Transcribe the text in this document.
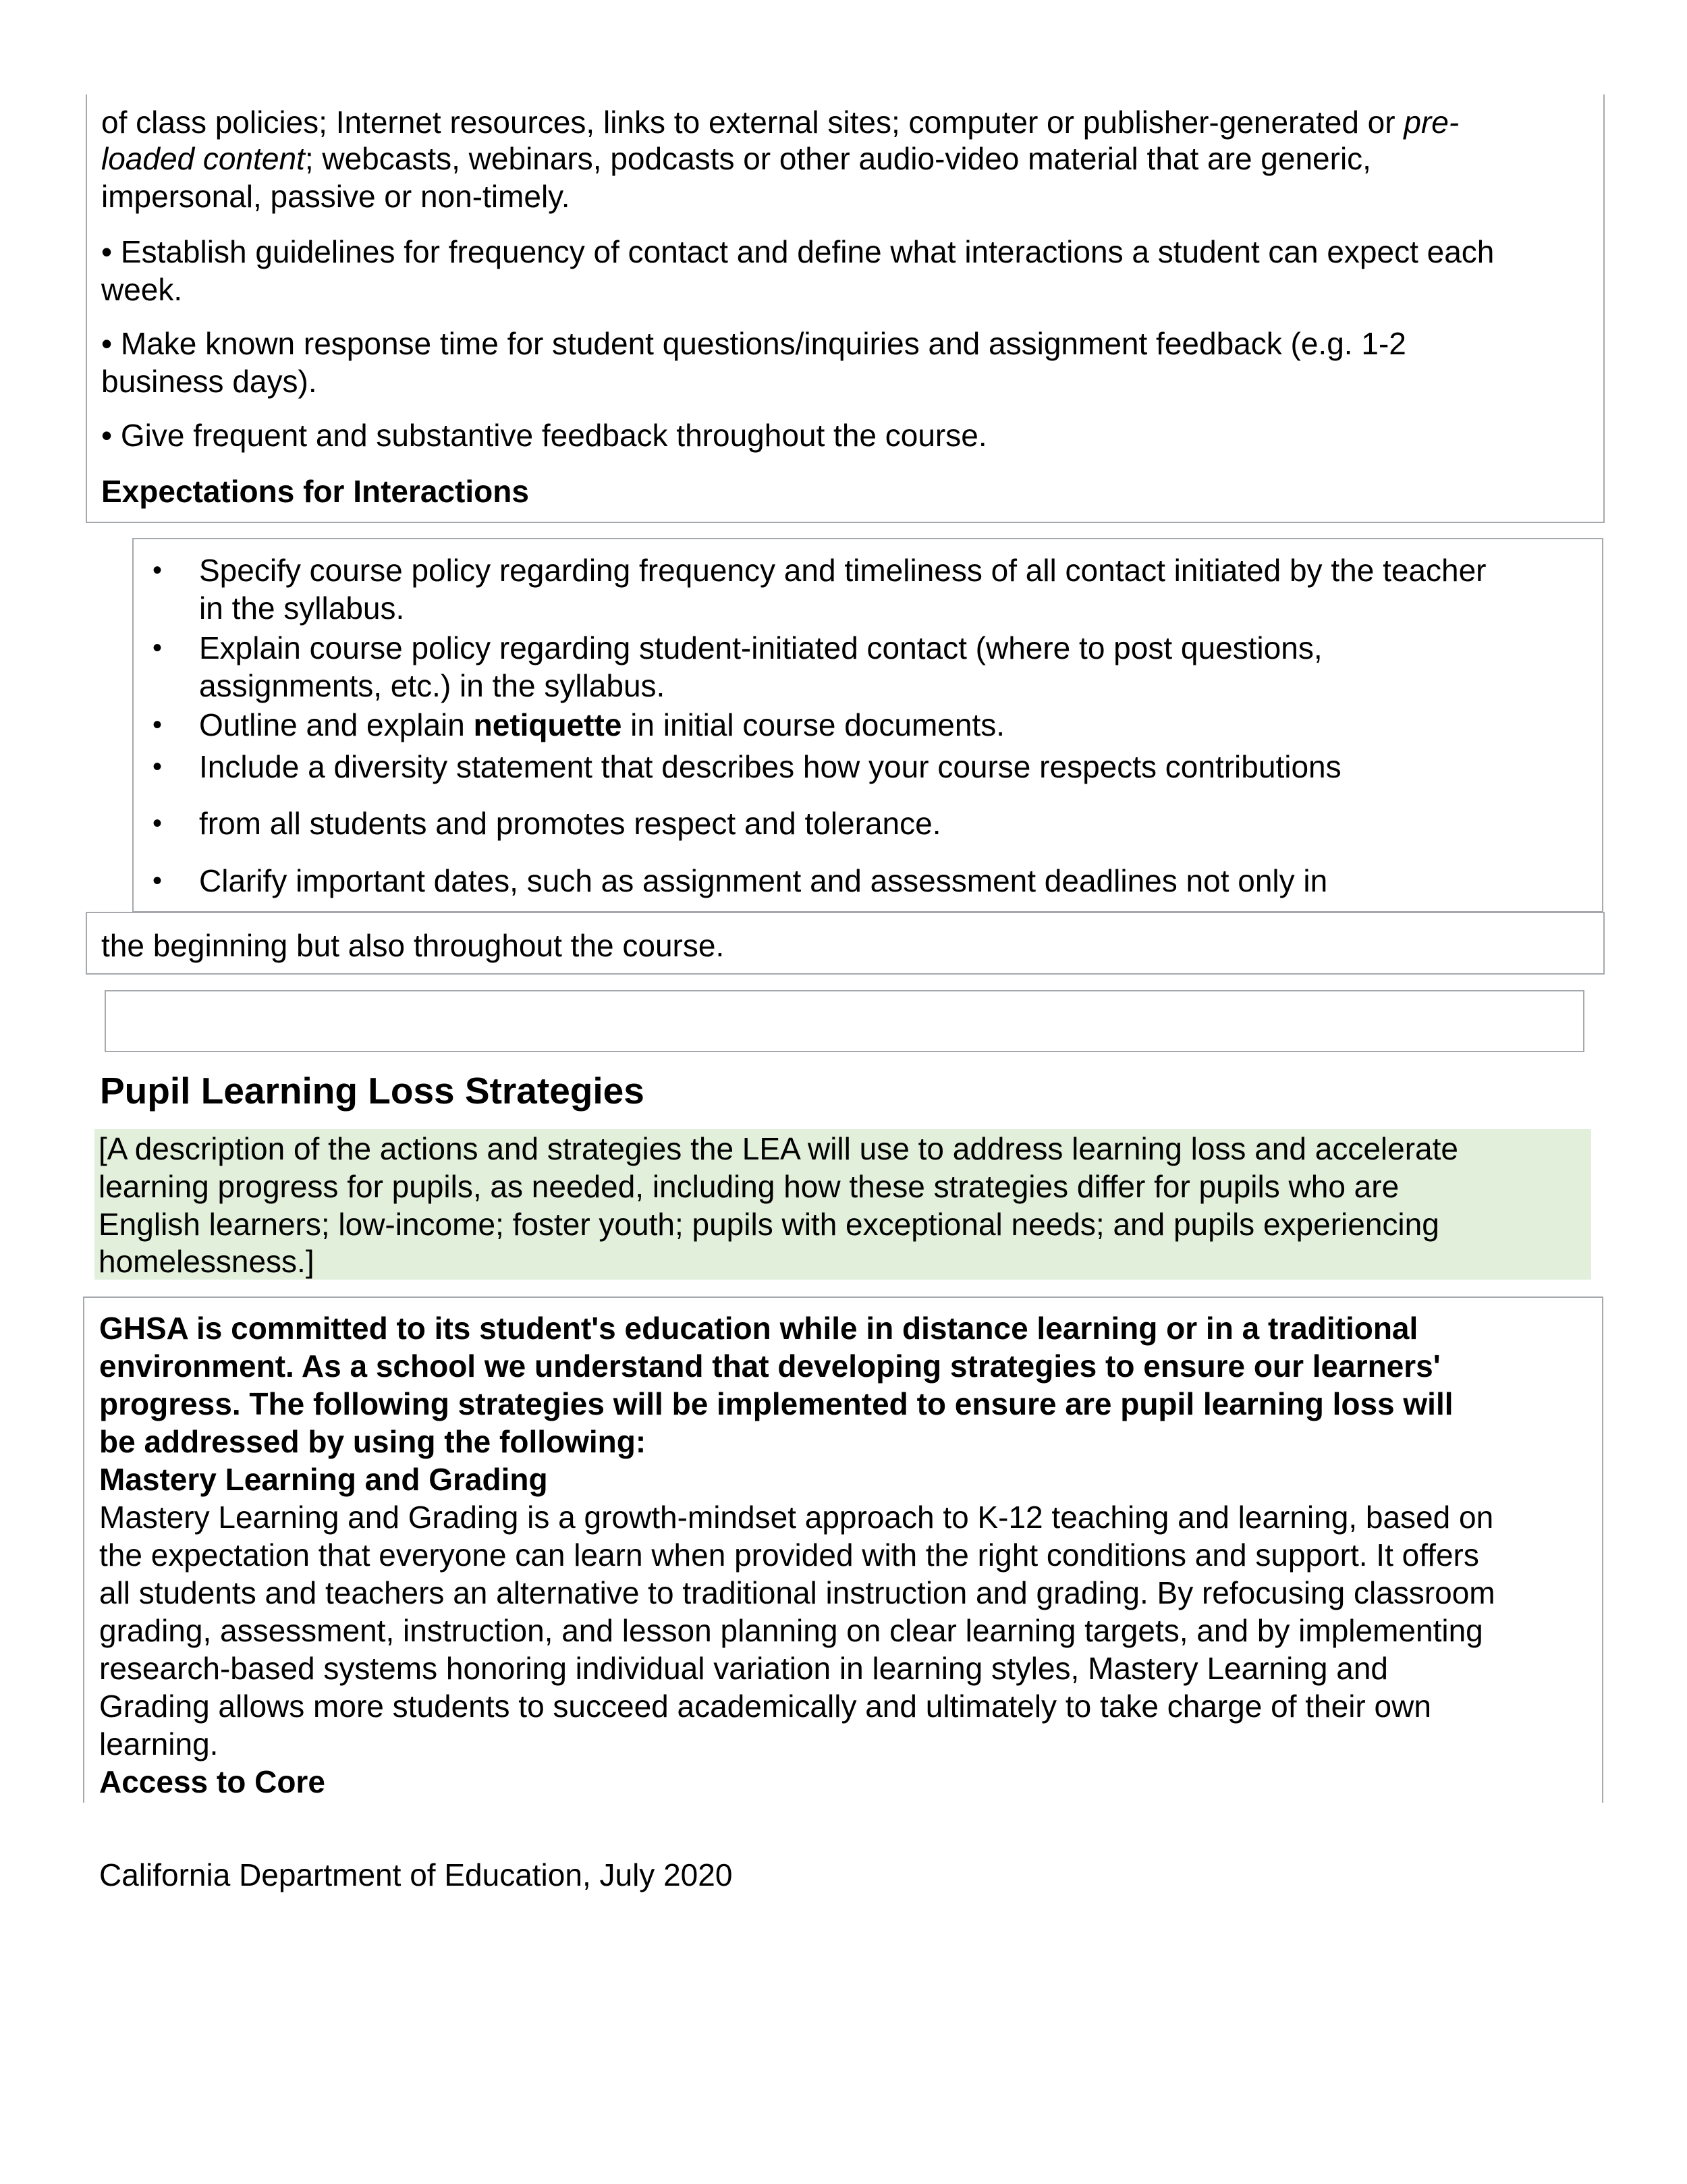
of class policies; Internet resources, links to external sites; computer or publisher-generated or pre-
loaded content; webcasts, webinars, podcasts or other audio-video material that are generic,
impersonal, passive or non-timely.
• Establish guidelines for frequency of contact and define what interactions a student can expect each
week.
• Make known response time for student questions/inquiries and assignment feedback (e.g. 1-2
business days).
• Give frequent and substantive feedback throughout the course.
Expectations for Interactions
• Specify course policy regarding frequency and timeliness of all contact initiated by the teacher
in the syllabus.
• Explain course policy regarding student-initiated contact (where to post questions,
assignments, etc.) in the syllabus.
• Outline and explain netiquette in initial course documents.
• Include a diversity statement that describes how your course respects contributions
• from all students and promotes respect and tolerance.
• Clarify important dates, such as assignment and assessment deadlines not only in
the beginning but also throughout the course.
Pupil Learning Loss Strategies
[A description of the actions and strategies the LEA will use to address learning loss and accelerate
learning progress for pupils, as needed, including how these strategies differ for pupils who are
English learners; low-income; foster youth; pupils with exceptional needs; and pupils experiencing
homelessness.]
GHSA is committed to its student's education while in distance learning or in a traditional
environment. As a school we understand that developing strategies to ensure our learners'
progress. The following strategies will be implemented to ensure are pupil learning loss will
be addressed by using the following:
Mastery Learning and Grading
Mastery Learning and Grading is a growth-mindset approach to K-12 teaching and learning, based on
the expectation that everyone can learn when provided with the right conditions and support. It offers
all students and teachers an alternative to traditional instruction and grading. By refocusing classroom
grading, assessment, instruction, and lesson planning on clear learning targets, and by implementing
research-based systems honoring individual variation in learning styles, Mastery Learning and
Grading allows more students to succeed academically and ultimately to take charge of their own
learning.
Access to Core
California Department of Education, July 2020
